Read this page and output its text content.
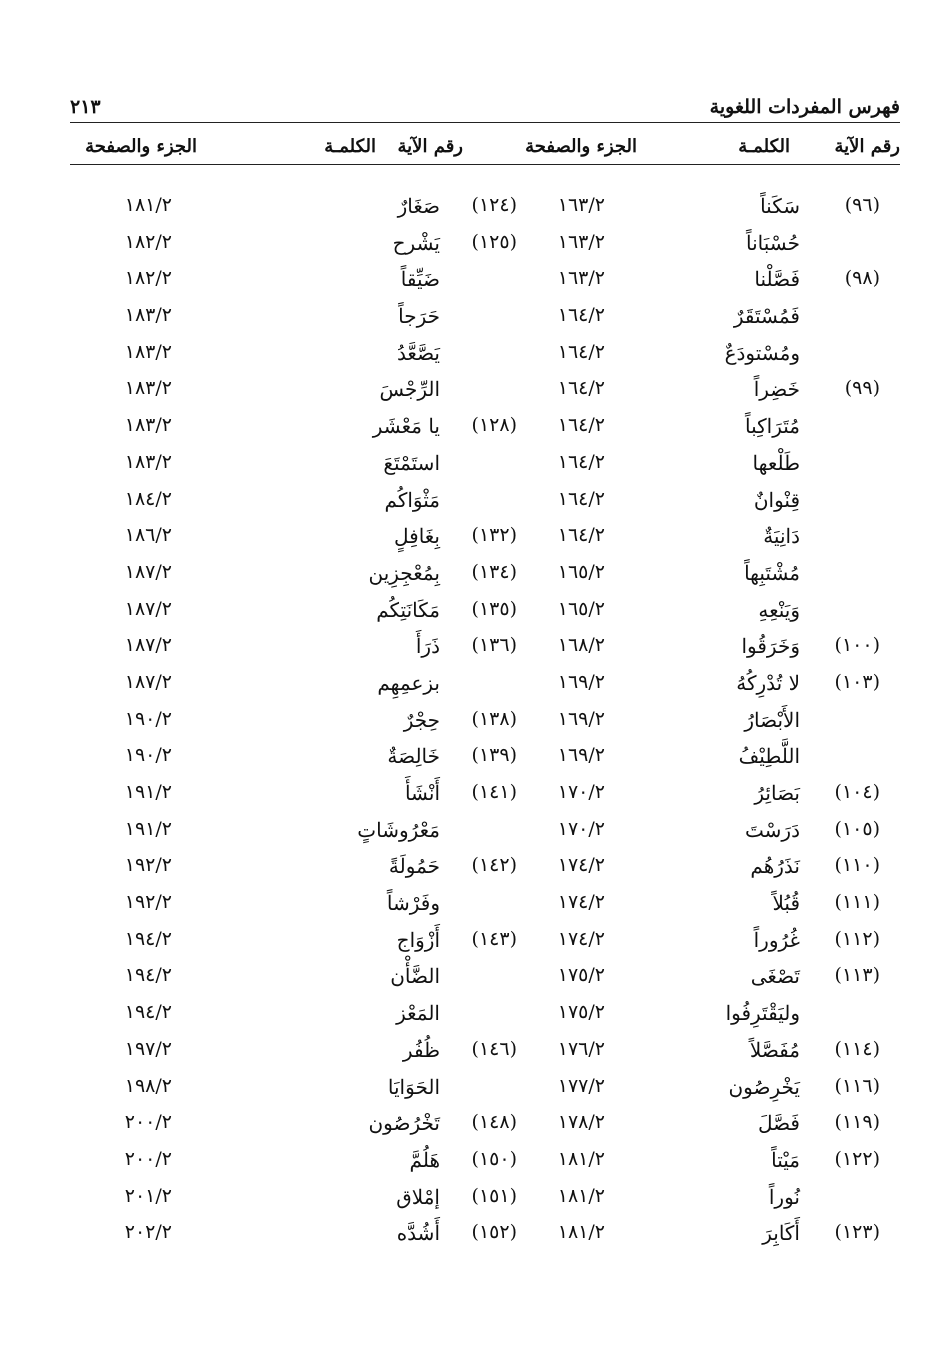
فهرس المفردات اللغوية
٢١٣
رقم الآية
الكلمـة
الجزء والصفحة
رقم الآية
الكلمـة
الجزء والصفحة
(٩٦)
سَكَناً
١٦٣/٢
(١٢٤)
صَغَارٌ
١٨١/٢
حُسْبَاناً
١٦٣/٢
(١٢٥)
يَشْرح
١٨٢/٢
(٩٨)
فَصَّلْنا
١٦٣/٢
ضَيِّقاً
١٨٢/٢
فَمُسْتَقَرٌ
١٦٤/٢
حَرَجاً
١٨٣/٢
ومُسْتودَعٌ
١٦٤/٢
يَصَّعَّدُ
١٨٣/٢
(٩٩)
خَضِراً
١٦٤/٢
الرِّجْسَ
١٨٣/٢
مُتَرَاكِباً
١٦٤/٢
(١٢٨)
يا مَعْشَر
١٨٣/٢
طَلْعها
١٦٤/٢
استَمْتَعَ
١٨٣/٢
قِنْوانٌ
١٦٤/٢
مَثْوَاكُم
١٨٤/٢
دَانِيَةٌ
١٦٤/٢
(١٣٢)
بِغَافِلٍ
١٨٦/٢
مُشْتَبِهاً
١٦٥/٢
(١٣٤)
بِمُعْجِزِين
١٨٧/٢
وَيَنْعِهِ
١٦٥/٢
(١٣٥)
مَكَانَتِكُم
١٨٧/٢
(١٠٠)
وَخَرَقُوا
١٦٨/٢
(١٣٦)
ذَرَأَ
١٨٧/٢
(١٠٣)
لا تُدْرِكُهُ
١٦٩/٢
بزعمِهِم
١٨٧/٢
الأَبْصَارُ
١٦٩/٢
(١٣٨)
حِجْرٌ
١٩٠/٢
اللَّطِيْفُ
١٦٩/٢
(١٣٩)
خَالِصَةٌ
١٩٠/٢
(١٠٤)
بَصَائِرُ
١٧٠/٢
(١٤١)
أَنْشَأَ
١٩١/٢
(١٠٥)
دَرَسْتَ
١٧٠/٢
مَعْرُوشَاتٍ
١٩١/٢
(١١٠)
نَذَرُهُم
١٧٤/٢
(١٤٢)
حَمُولَةً
١٩٢/٢
(١١١)
قُبُلاً
١٧٤/٢
وفَرْشاً
١٩٢/٢
(١١٢)
غُرُوراً
١٧٤/٢
(١٤٣)
أَزْوَاج
١٩٤/٢
(١١٣)
تَصْغَى
١٧٥/٢
الضَّأْن
١٩٤/٢
وليَقْتَرِفُوا
١٧٥/٢
المَعْز
١٩٤/٢
(١١٤)
مُفَصَّلاً
١٧٦/٢
(١٤٦)
ظُفُر
١٩٧/٢
(١١٦)
يَخْرِصُون
١٧٧/٢
الحَوَايَا
١٩٨/٢
(١١٩)
فَصَّلَ
١٧٨/٢
(١٤٨)
تَخْرُصُون
٢٠٠/٢
(١٢٢)
مَيْتاً
١٨١/٢
(١٥٠)
هَلُمَّ
٢٠٠/٢
نُوراً
١٨١/٢
(١٥١)
إمْلاق
٢٠١/٢
(١٢٣)
أَكَابِرَ
١٨١/٢
(١٥٢)
أَشُدَّه
٢٠٢/٢
